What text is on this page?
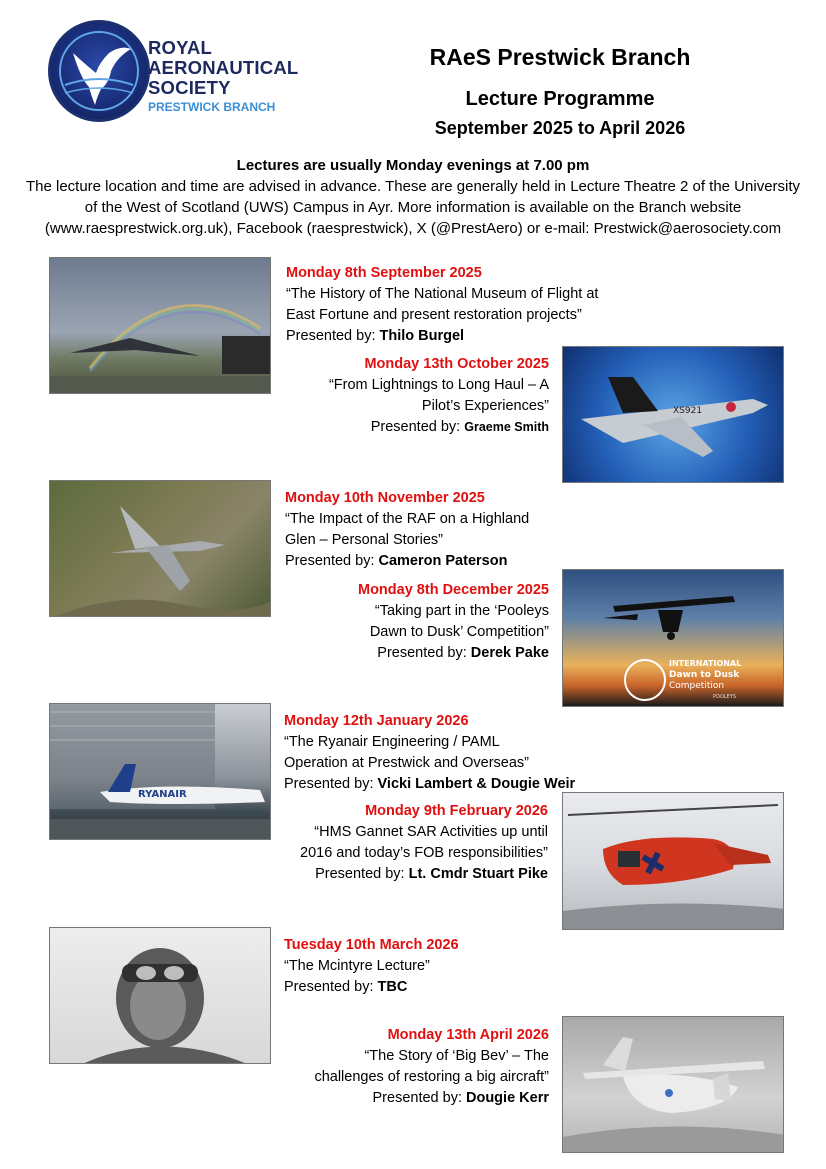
ROYAL
AERONAUTICAL
SOCIETY
PRESTWICK BRANCH
RAeS Prestwick Branch
Lecture Programme
September 2025 to April 2026
Lectures are usually Monday evenings at 7.00 pm
The lecture location and time are advised in advance. These are generally held in Lecture Theatre 2 of the University
of the West of Scotland (UWS) Campus in Ayr. More information is available on the Branch website
(www.raesprestwick.org.uk), Facebook (raesprestwick), X (@PrestAero) or e-mail: Prestwick@aerosociety.com
Monday 8th September 2025
“The History of The National Museum of Flight at
East Fortune and present restoration projects”
Presented by: Thilo Burgel
XS921
Monday 13th October 2025
“From Lightnings to Long Haul – A
Pilot’s Experiences”
Presented by: Graeme Smith
Monday 10th November 2025
“The Impact of the RAF on a Highland
Glen – Personal Stories”
Presented by: Cameron Paterson
INTERNATIONAL
Dawn to Dusk
Competition
POOLEYS
Monday 8th December 2025
“Taking part in the ‘Pooleys
Dawn to Dusk’ Competition”
Presented by: Derek Pake
RYANAIR
Monday 12th January 2026
“The Ryanair Engineering / PAML
Operation at Prestwick and Overseas”
Presented by: Vicki Lambert & Dougie Weir
Monday 9th February 2026
“HMS Gannet SAR Activities up until
2016 and today’s FOB responsibilities”
Presented by: Lt. Cmdr Stuart Pike
Tuesday 10th March 2026
“The Mcintyre Lecture”
Presented by: TBC
Monday 13th April 2026
“The Story of ‘Big Bev’ – The
challenges of restoring a big aircraft”
Presented by: Dougie Kerr
